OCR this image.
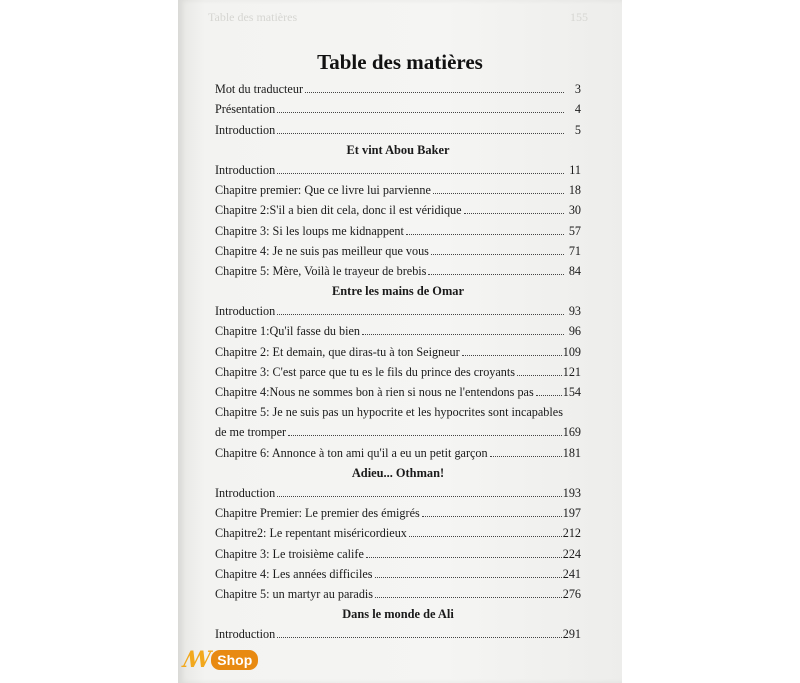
Table des matières	155
Table des matières
Mot du traducteur	3
Présentation	4
Introduction	5
Et vint Abou Baker
Introduction	11
Chapitre premier: Que ce livre lui parvienne	18
Chapitre 2:S'il a bien dit cela, donc il est véridique	30
Chapitre 3: Si les loups me kidnappent	57
Chapitre 4: Je ne suis pas meilleur que vous	71
Chapitre 5: Mère, Voilà le trayeur de brebis	84
Entre les mains de Omar
Introduction	93
Chapitre 1:Qu'il fasse du bien	96
Chapitre 2: Et demain, que diras-tu à ton Seigneur	109
Chapitre 3: C'est parce que tu es le fils du prince des croyants	121
Chapitre 4:Nous ne sommes bon à rien si nous ne l'entendons pas 154
Chapitre 5: Je ne suis pas un hypocrite et les hypocrites sont incapables
de me tromper	169
Chapitre 6: Annonce à ton ami qu'il a eu un petit garçon	181
Adieu... Othman!
Introduction	193
Chapitre Premier: Le premier des émigrés	197
Chapitre2: Le repentant miséricordieux	212
Chapitre 3: Le troisième calife	224
Chapitre 4: Les années difficiles	241
Chapitre 5: un martyr au paradis	276
Dans le monde de Ali
Introduction	291
ꟿ Shop
